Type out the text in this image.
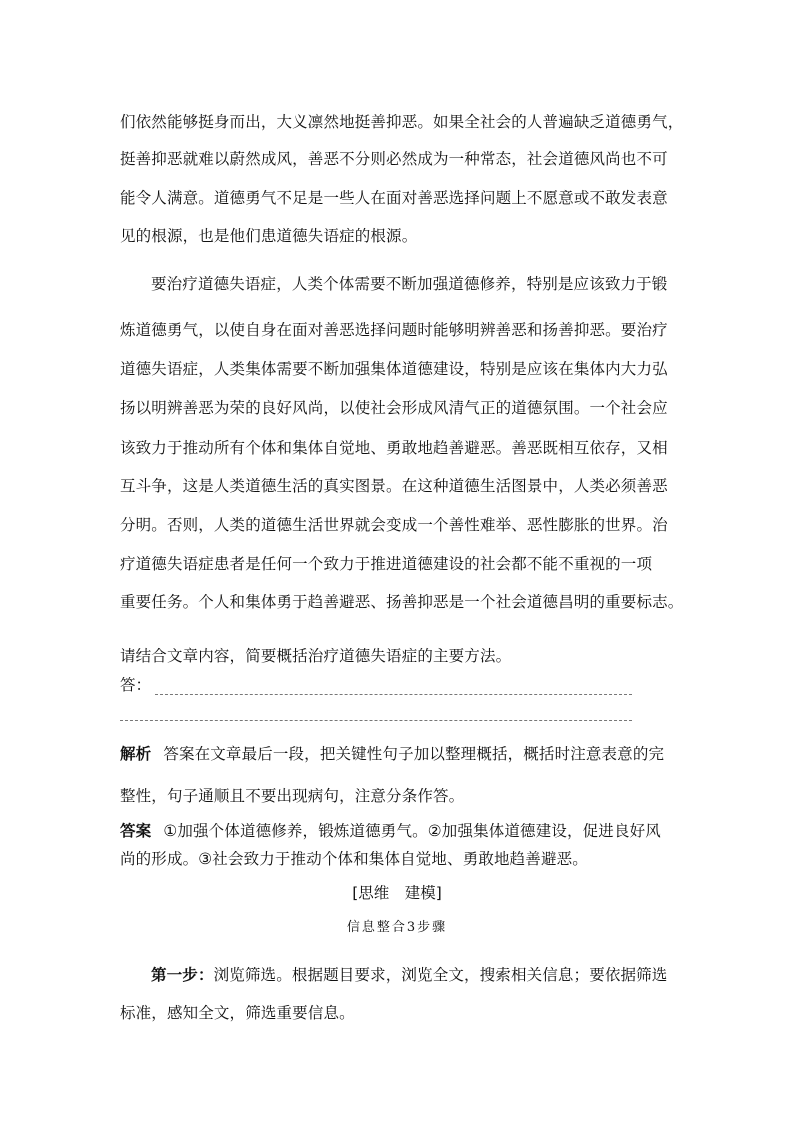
们依然能够挺身而出，大义凛然地挺善抑恶。如果全社会的人普遍缺乏道德勇气，
挺善抑恶就难以蔚然成风，善恶不分则必然成为一种常态，社会道德风尚也不可
能令人满意。道德勇气不足是一些人在面对善恶选择问题上不愿意或不敢发表意
见的根源，也是他们患道德失语症的根源。
要治疗道德失语症，人类个体需要不断加强道德修养，特别是应该致力于锻
炼道德勇气，以使自身在面对善恶选择问题时能够明辨善恶和扬善抑恶。要治疗
道德失语症，人类集体需要不断加强集体道德建设，特别是应该在集体内大力弘
扬以明辨善恶为荣的良好风尚，以使社会形成风清气正的道德氛围。一个社会应
该致力于推动所有个体和集体自觉地、勇敢地趋善避恶。善恶既相互依存，又相
互斗争，这是人类道德生活的真实图景。在这种道德生活图景中，人类必须善恶
分明。否则，人类的道德生活世界就会变成一个善性难举、恶性膨胀的世界。治
疗道德失语症患者是任何一个致力于推进道德建设的社会都不能不重视的一项
重要任务。个人和集体勇于趋善避恶、扬善抑恶是一个社会道德昌明的重要标志。
请结合文章内容，简要概括治疗道德失语症的主要方法。
答：
解析 答案在文章最后一段，把关键性句子加以整理概括，概括时注意表意的完
整性，句子通顺且不要出现病句，注意分条作答。
答案 ①加强个体道德修养，锻炼道德勇气。②加强集体道德建设，促进良好风
尚的形成。③社会致力于推动个体和集体自觉地、勇敢地趋善避恶。
[思维　建模]
信息整合3步骤
第一步：浏览筛选。根据题目要求，浏览全文，搜索相关信息；要依据筛选
标准，感知全文，筛选重要信息。
